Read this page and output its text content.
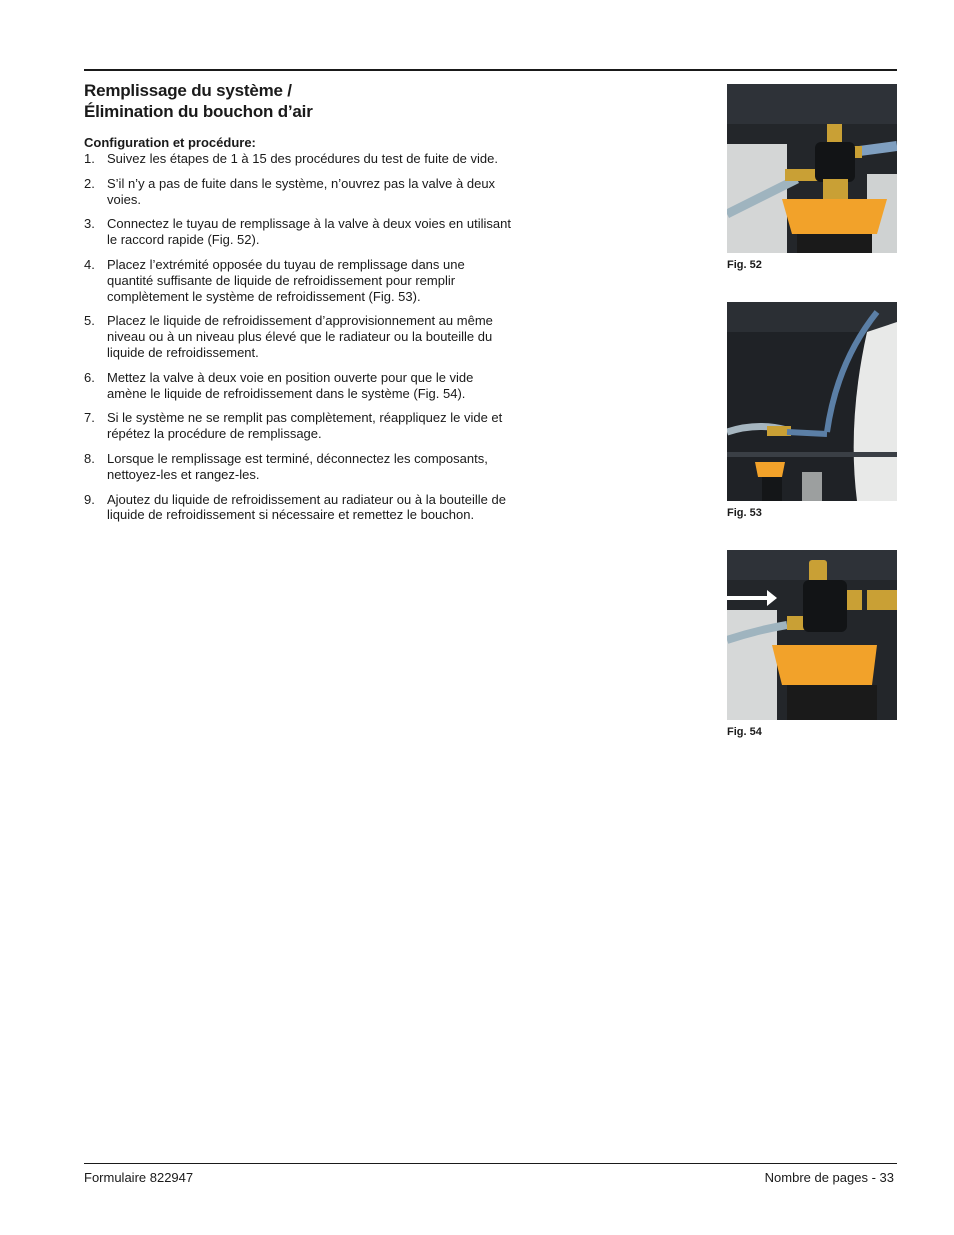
Remplissage du système /
Élimination du bouchon d’air

Configuration et procédure:

1. Suivez les étapes de 1 à 15 des procédures du test de fuite de vide.
2. S’il n’y a pas de fuite dans le système, n’ouvrez pas la valve à deux voies.
3. Connectez le tuyau de remplissage à la valve à deux voies en utilisant le raccord rapide (Fig. 52).
4. Placez l’extrémité opposée du tuyau de remplissage dans une quantité suffisante de liquide de refroidissement pour remplir complètement le système de refroidissement (Fig. 53).
5. Placez le liquide de refroidissement d’approvisionnement au même niveau ou à un niveau plus élevé que le radiateur ou la bouteille du liquide de refroidissement.
6. Mettez la valve à deux voie en position ouverte pour que le vide amène le liquide de refroidissement dans le système (Fig. 54).
7. Si le système ne se remplit pas complètement, réappliquez le vide et répétez la procédure de remplissage.
8. Lorsque le remplissage est terminé, déconnectez les composants, nettoyez-les et rangez-les.
9. Ajoutez du liquide de refroidissement au radiateur ou à la bouteille de liquide de refroidissement si nécessaire et remettez le bouchon.
Fig. 52
Fig. 53
Fig. 54
Formulaire 822947	Nombre de pages - 33
